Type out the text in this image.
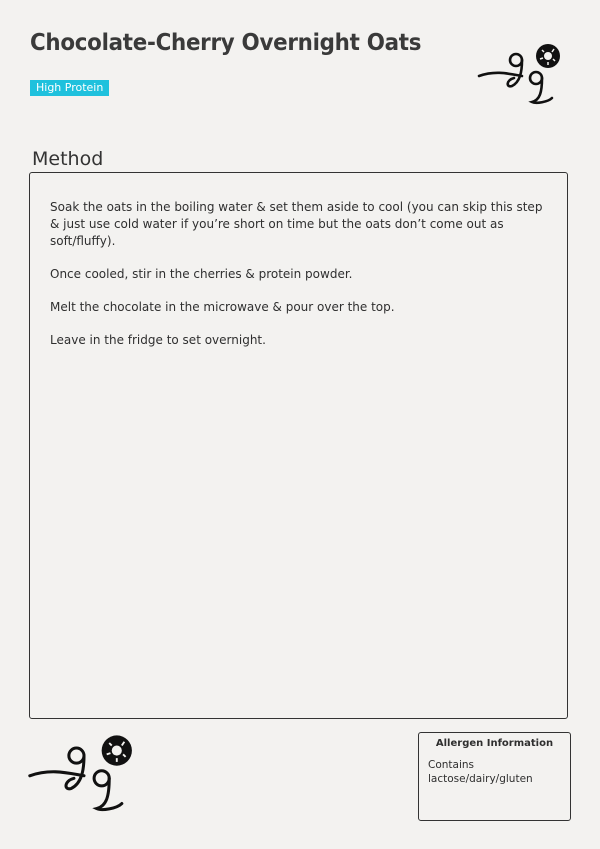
Chocolate-Cherry Overnight Oats
High Protein
Method

Soak the oats in the boiling water & set them aside to cool (you can skip this step & just use cold water if you’re short on time but the oats don’t come out as soft/fluffy).

Once cooled, stir in the cherries & protein powder.

Melt the chocolate in the microwave & pour over the top.

Leave in the fridge to set overnight.

Allergen Information
Contains lactose/dairy/gluten
